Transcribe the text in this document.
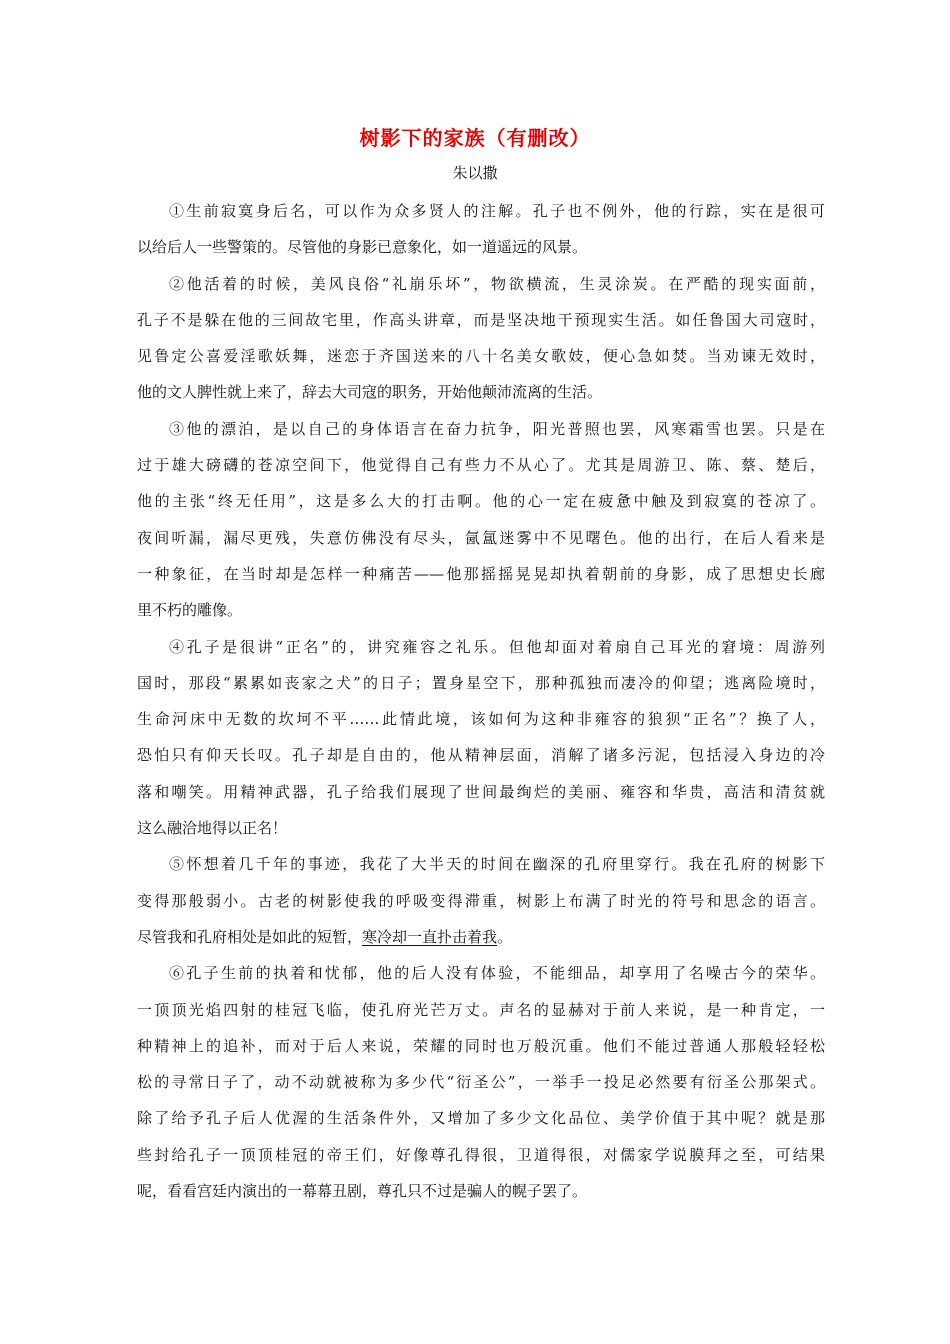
树影下的家族（有删改）
朱以撒

①生前寂寞身后名，可以作为众多贤人的注解。孔子也不例外，他的行踪，实在是很可
以给后人一些警策的。尽管他的身影已意象化，如一道遥远的风景。

②他活着的时候，美风良俗“礼崩乐坏”，物欲横流，生灵涂炭。在严酷的现实面前，
孔子不是躲在他的三间故宅里，作高头讲章，而是坚决地干预现实生活。如任鲁国大司寇时，
见鲁定公喜爱淫歌妖舞，迷恋于齐国送来的八十名美女歌妓，便心急如焚。当劝谏无效时，
他的文人脾性就上来了，辞去大司寇的职务，开始他颠沛流离的生活。

③他的漂泊，是以自己的身体语言在奋力抗争，阳光普照也罢，风寒霜雪也罢。只是在
过于雄大磅礴的苍凉空间下，他觉得自己有些力不从心了。尤其是周游卫、陈、蔡、楚后，
他的主张“终无任用”，这是多么大的打击啊。他的心一定在疲惫中触及到寂寞的苍凉了。
夜间听漏，漏尽更残，失意仿佛没有尽头，氤氲迷雾中不见曙色。他的出行，在后人看来是
一种象征，在当时却是怎样一种痛苦——他那摇摇晃晃却执着朝前的身影，成了思想史长廊
里不朽的雕像。

④孔子是很讲“正名”的，讲究雍容之礼乐。但他却面对着扇自己耳光的窘境：周游列
国时，那段“累累如丧家之犬”的日子；置身星空下，那种孤独而凄冷的仰望；逃离险境时，
生命河床中无数的坎坷不平……此情此境，该如何为这种非雍容的狼狈“正名”？换了人，
恐怕只有仰天长叹。孔子却是自由的，他从精神层面，消解了诸多污泥，包括浸入身边的冷
落和嘲笑。用精神武器，孔子给我们展现了世间最绚烂的美丽、雍容和华贵，高洁和清贫就
这么融洽地得以正名！

⑤怀想着几千年的事迹，我花了大半天的时间在幽深的孔府里穿行。我在孔府的树影下
变得那般弱小。古老的树影使我的呼吸变得滞重，树影上布满了时光的符号和思念的语言。
尽管我和孔府相处是如此的短暂，寒冷却一直扑击着我。

⑥孔子生前的执着和忧郁，他的后人没有体验，不能细品，却享用了名噪古今的荣华。
一顶顶光焰四射的桂冠飞临，使孔府光芒万丈。声名的显赫对于前人来说，是一种肯定，一
种精神上的追补，而对于后人来说，荣耀的同时也万般沉重。他们不能过普通人那般轻轻松
松的寻常日子了，动不动就被称为多少代“衍圣公”，一举手一投足必然要有衍圣公那架式。
除了给予孔子后人优渥的生活条件外，又增加了多少文化品位、美学价值于其中呢？就是那
些封给孔子一顶顶桂冠的帝王们，好像尊孔得很，卫道得很，对儒家学说膜拜之至，可结果
呢，看看宫廷内演出的一幕幕丑剧，尊孔只不过是骗人的幌子罢了。
